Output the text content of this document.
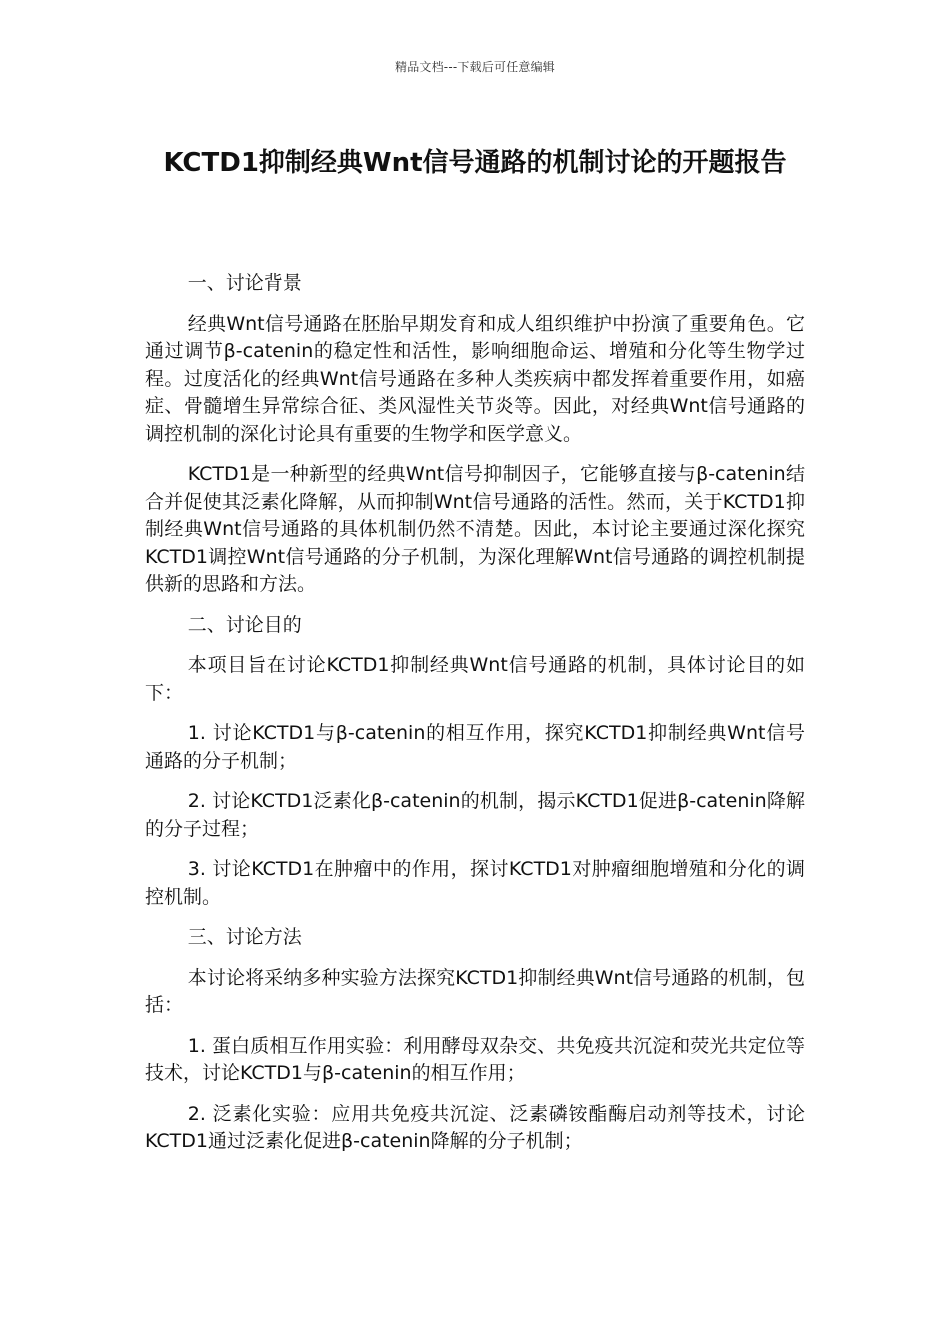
精品文档---下载后可任意编辑
KCTD1抑制经典Wnt信号通路的机制讨论的开题报告

一、讨论背景

经典Wnt信号通路在胚胎早期发育和成人组织维护中扮演了重要角色。它通过调节β-catenin的稳定性和活性，影响细胞命运、增殖和分化等生物学过程。过度活化的经典Wnt信号通路在多种人类疾病中都发挥着重要作用，如癌症、骨髓增生异常综合征、类风湿性关节炎等。因此，对经典Wnt信号通路的调控机制的深化讨论具有重要的生物学和医学意义。

KCTD1是一种新型的经典Wnt信号抑制因子，它能够直接与β-catenin结合并促使其泛素化降解，从而抑制Wnt信号通路的活性。然而，关于KCTD1抑制经典Wnt信号通路的具体机制仍然不清楚。因此，本讨论主要通过深化探究KCTD1调控Wnt信号通路的分子机制，为深化理解Wnt信号通路的调控机制提供新的思路和方法。

二、讨论目的

本项目旨在讨论KCTD1抑制经典Wnt信号通路的机制，具体讨论目的如下：

1. 讨论KCTD1与β-catenin的相互作用，探究KCTD1抑制经典Wnt信号通路的分子机制；

2. 讨论KCTD1泛素化β-catenin的机制，揭示KCTD1促进β-catenin降解的分子过程；

3. 讨论KCTD1在肿瘤中的作用，探讨KCTD1对肿瘤细胞增殖和分化的调控机制。

三、讨论方法

本讨论将采纳多种实验方法探究KCTD1抑制经典Wnt信号通路的机制，包括：

1. 蛋白质相互作用实验：利用酵母双杂交、共免疫共沉淀和荧光共定位等技术，讨论KCTD1与β-catenin的相互作用；

2. 泛素化实验：应用共免疫共沉淀、泛素磷铵酯酶启动剂等技术，讨论KCTD1通过泛素化促进β-catenin降解的分子机制；
